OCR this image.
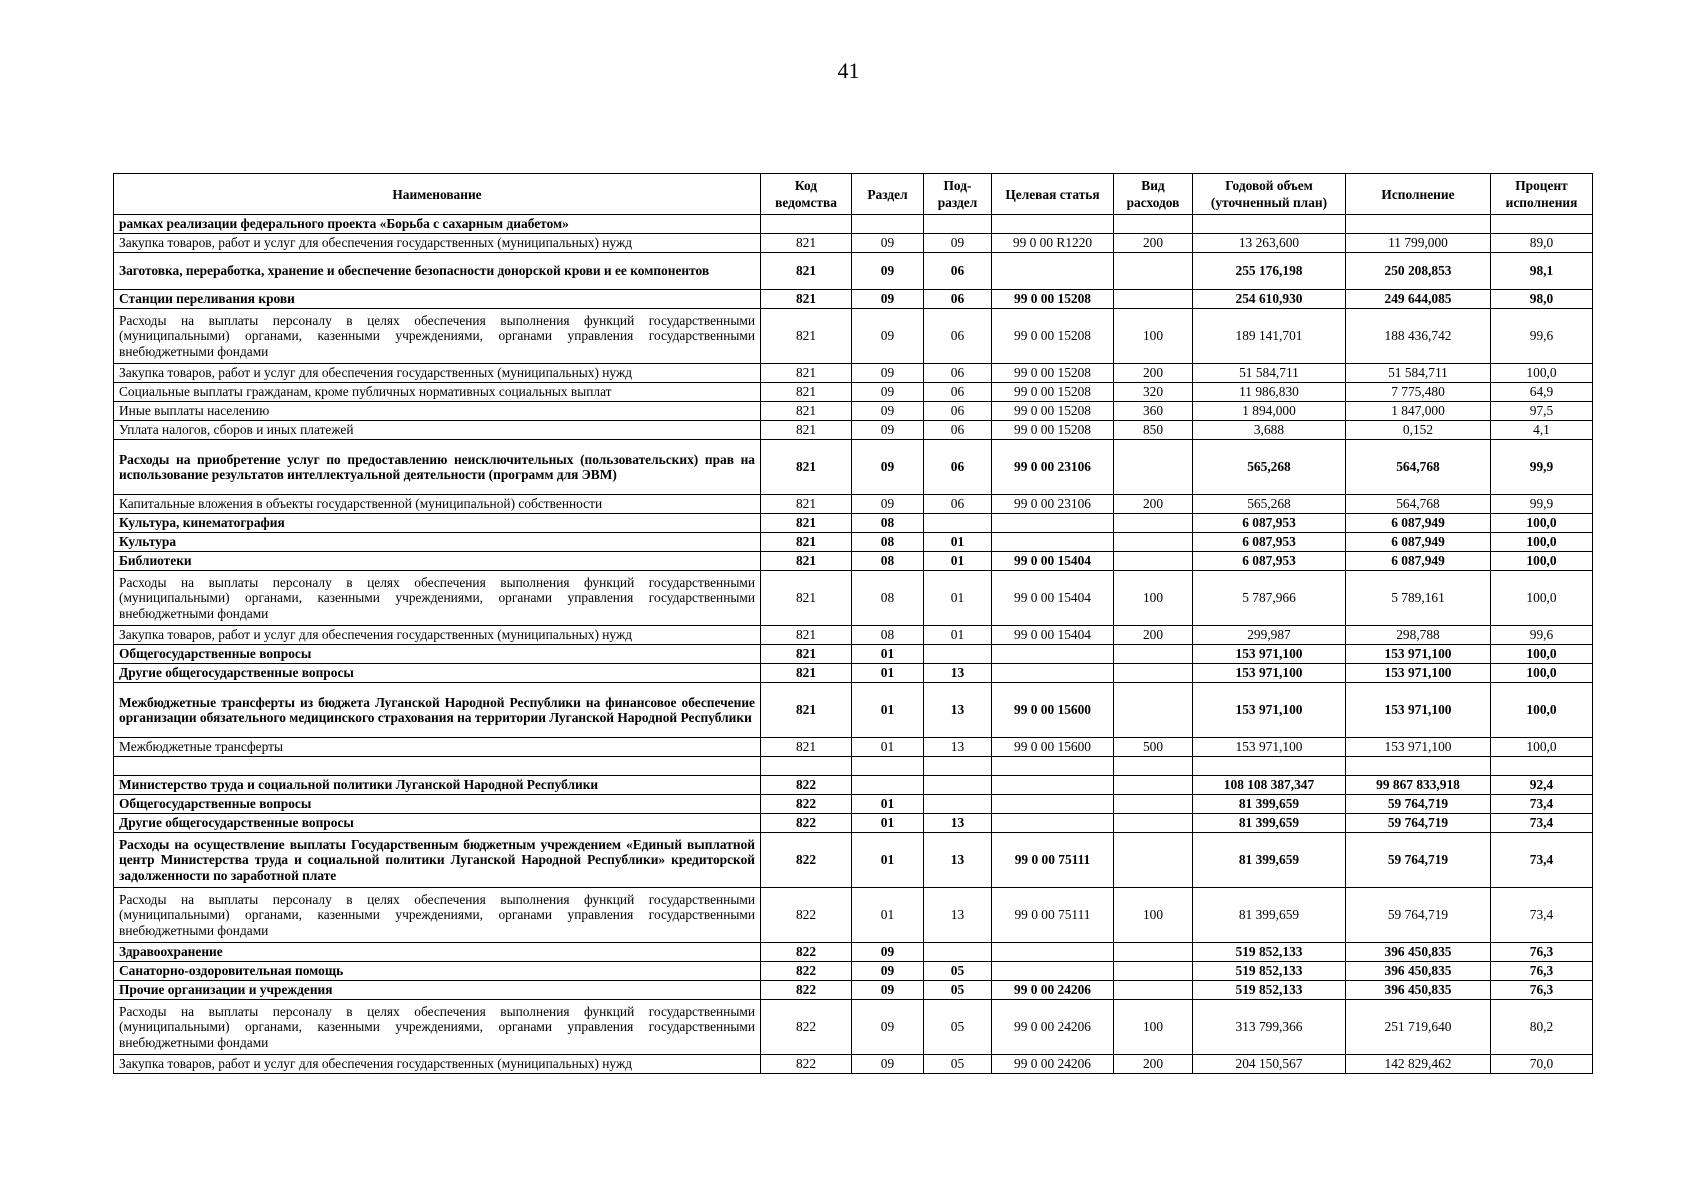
41
Наименование	Код ведомства	Раздел	Под- раздел	Целевая статья	Вид расходов	Годовой объем (уточненный план)	Исполнение	Процент исполнения
рамках реализации федерального проекта «Борьба с сахарным диабетом»								
Закупка товаров, работ и услуг для обеспечения государственных (муниципальных) нужд	821	09	09	99 0 00 R1220	200	13 263,600	11 799,000	89,0
Заготовка, переработка, хранение и обеспечение безопасности донорской крови и ее компонентов	821	09	06			255 176,198	250 208,853	98,1
Станции переливания крови	821	09	06	99 0 00 15208		254 610,930	249 644,085	98,0
Расходы на выплаты персоналу в целях обеспечения выполнения функций государственными (муниципальными) органами, казенными учреждениями, органами управления государственными внебюджетными фондами	821	09	06	99 0 00 15208	100	189 141,701	188 436,742	99,6
Закупка товаров, работ и услуг для обеспечения государственных (муниципальных) нужд	821	09	06	99 0 00 15208	200	51 584,711	51 584,711	100,0
Социальные выплаты гражданам, кроме публичных нормативных социальных выплат	821	09	06	99 0 00 15208	320	11 986,830	7 775,480	64,9
Иные выплаты населению	821	09	06	99 0 00 15208	360	1 894,000	1 847,000	97,5
Уплата налогов, сборов и иных платежей	821	09	06	99 0 00 15208	850	3,688	0,152	4,1
Расходы на приобретение услуг по предоставлению неисключительных (пользовательских) прав на использование результатов интеллектуальной деятельности (программ для ЭВМ)	821	09	06	99 0 00 23106		565,268	564,768	99,9
Капитальные вложения в объекты государственной (муниципальной) собственности	821	09	06	99 0 00 23106	200	565,268	564,768	99,9
Культура, кинематография	821	08				6 087,953	6 087,949	100,0
Культура	821	08	01			6 087,953	6 087,949	100,0
Библиотеки	821	08	01	99 0 00 15404		6 087,953	6 087,949	100,0
Расходы на выплаты персоналу в целях обеспечения выполнения функций государственными (муниципальными) органами, казенными учреждениями, органами управления государственными внебюджетными фондами	821	08	01	99 0 00 15404	100	5 787,966	5 789,161	100,0
Закупка товаров, работ и услуг для обеспечения государственных (муниципальных) нужд	821	08	01	99 0 00 15404	200	299,987	298,788	99,6
Общегосударственные вопросы	821	01				153 971,100	153 971,100	100,0
Другие общегосударственные вопросы	821	01	13			153 971,100	153 971,100	100,0
Межбюджетные трансферты из бюджета Луганской Народной Республики на финансовое обеспечение организации обязательного медицинского страхования на территории Луганской Народной Республики	821	01	13	99 0 00 15600		153 971,100	153 971,100	100,0
Межбюджетные трансферты	821	01	13	99 0 00 15600	500	153 971,100	153 971,100	100,0

Министерство труда и социальной политики Луганской Народной Республики	822					108 108 387,347	99 867 833,918	92,4
Общегосударственные вопросы	822	01				81 399,659	59 764,719	73,4
Другие общегосударственные вопросы	822	01	13			81 399,659	59 764,719	73,4
Расходы на осуществление выплаты Государственным бюджетным учреждением «Единый выплатной центр Министерства труда и социальной политики Луганской Народной Республики» кредиторской задолженности по заработной плате	822	01	13	99 0 00 75111		81 399,659	59 764,719	73,4
Расходы на выплаты персоналу в целях обеспечения выполнения функций государственными (муниципальными) органами, казенными учреждениями, органами управления государственными внебюджетными фондами	822	01	13	99 0 00 75111	100	81 399,659	59 764,719	73,4
Здравоохранение	822	09				519 852,133	396 450,835	76,3
Санаторно-оздоровительная помощь	822	09	05			519 852,133	396 450,835	76,3
Прочие организации и учреждения	822	09	05	99 0 00 24206		519 852,133	396 450,835	76,3
Расходы на выплаты персоналу в целях обеспечения выполнения функций государственными (муниципальными) органами, казенными учреждениями, органами управления государственными внебюджетными фондами	822	09	05	99 0 00 24206	100	313 799,366	251 719,640	80,2
Закупка товаров, работ и услуг для обеспечения государственных (муниципальных) нужд	822	09	05	99 0 00 24206	200	204 150,567	142 829,462	70,0
